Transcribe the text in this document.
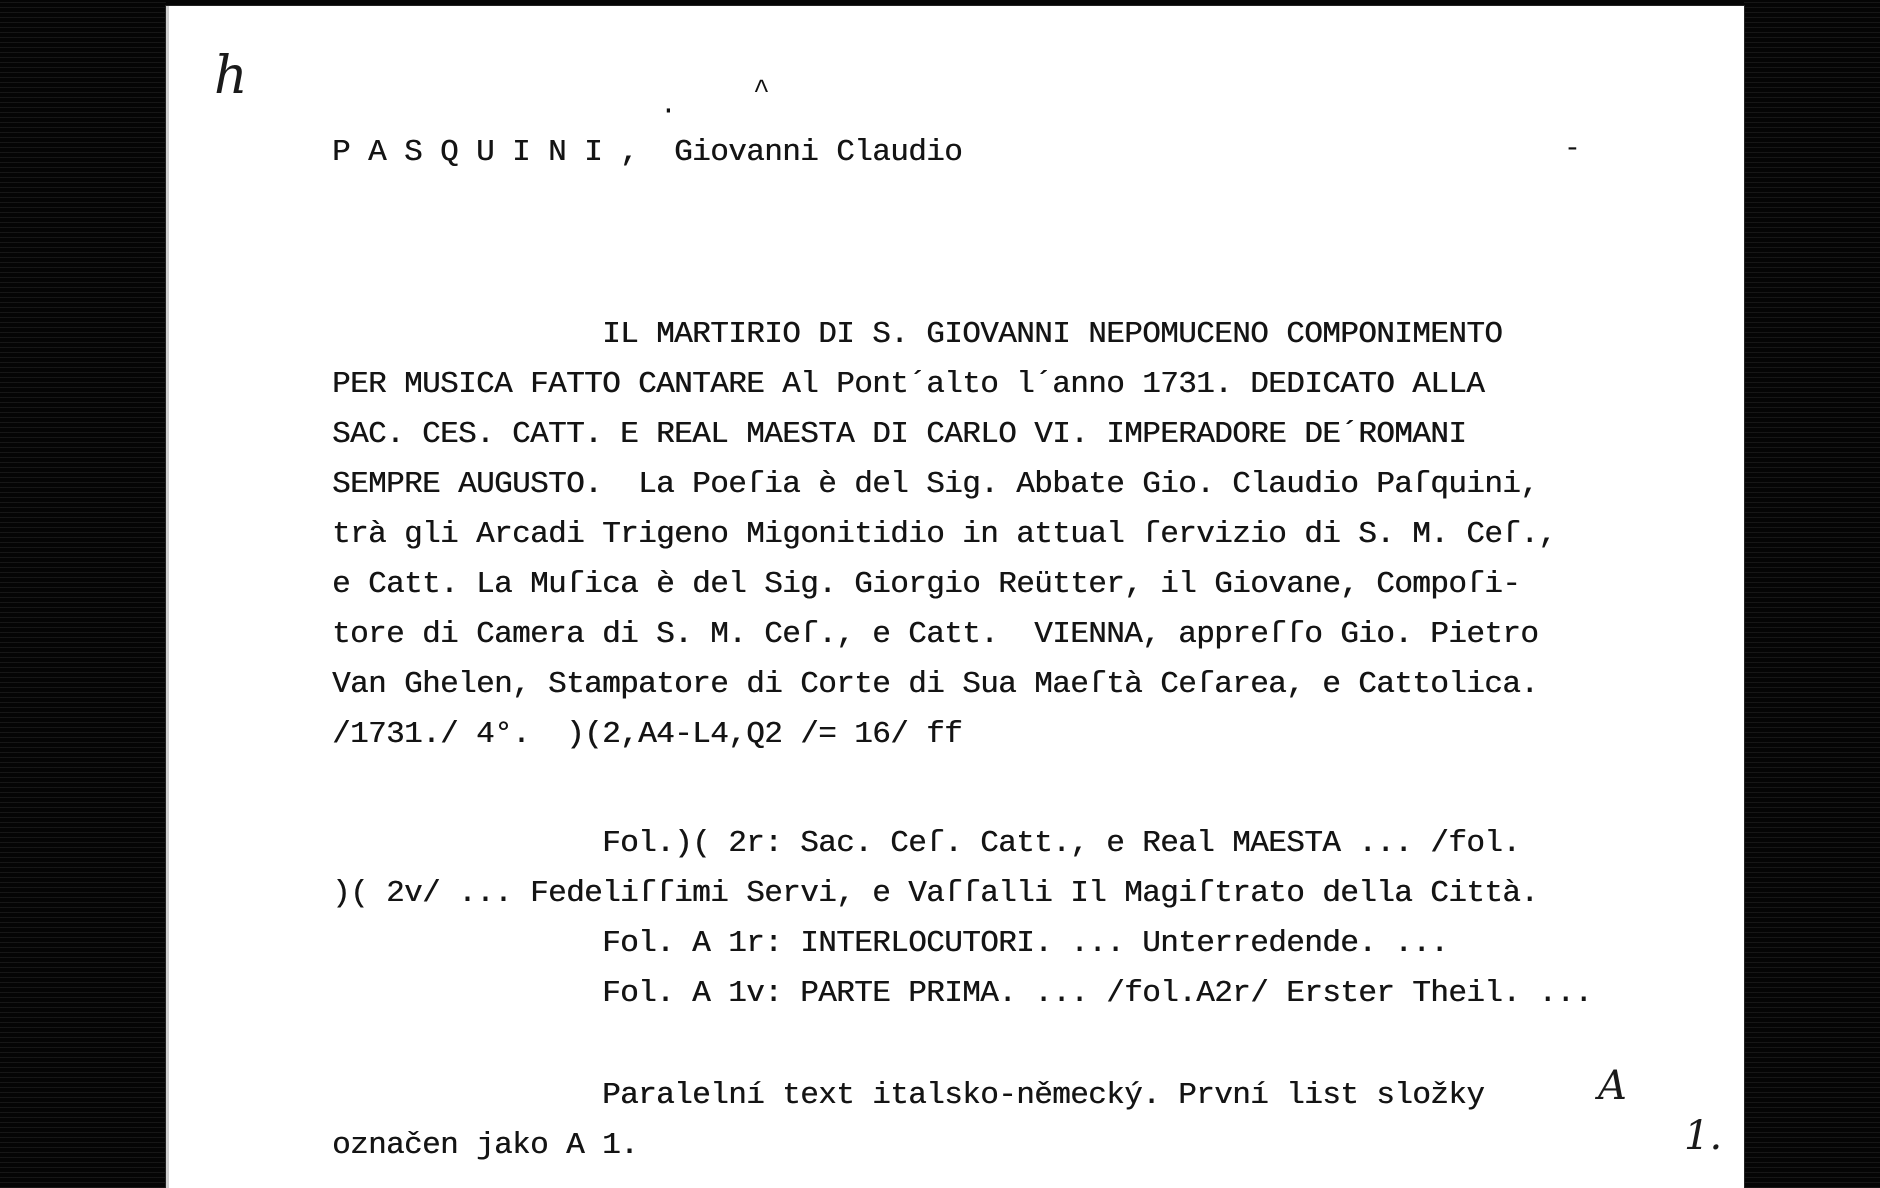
h	^
·
-
P A S Q U I N I ,  Giovanni Claudio
IL MARTIRIO DI S. GIOVANNI NEPOMUCENO COMPONIMENTO
PER MUSICA FATTO CANTARE Al Pont´alto l´anno 1731. DEDICATO ALLA
SAC. CES. CATT. E REAL MAESTA DI CARLO VI. IMPERADORE DE´ROMANI
SEMPRE AUGUSTO.  La Poeſia è del Sig. Abbate Gio. Claudio Paſquini,
trà gli Arcadi Trigeno Migonitidio in attual ſervizio di S. M. Ceſ.,
e Catt. La Muſica è del Sig. Giorgio Reütter, il Giovane, Compoſi-
tore di Camera di S. M. Ceſ., e Catt.  VIENNA, appreſſo Gio. Pietro
Van Ghelen, Stampatore di Corte di Sua Maeſtà Ceſarea, e Cattolica.
/1731./ 4°.  )(2,A4-L4,Q2 /= 16/ ff
Fol.)( 2r: Sac. Ceſ. Catt., e Real MAESTA ... /fol.
)( 2v/ ... Fedeliſſimi Servi, e Vaſſalli Il Magiſtrato della Città.
Fol. A 1r: INTERLOCUTORI. ... Unterredende. ...
Fol. A 1v: PARTE PRIMA. ... /fol.A2r/ Erster Theil. ...
Paralelní text italsko-německý. První list složky
označen jako A 1.
A
1.
